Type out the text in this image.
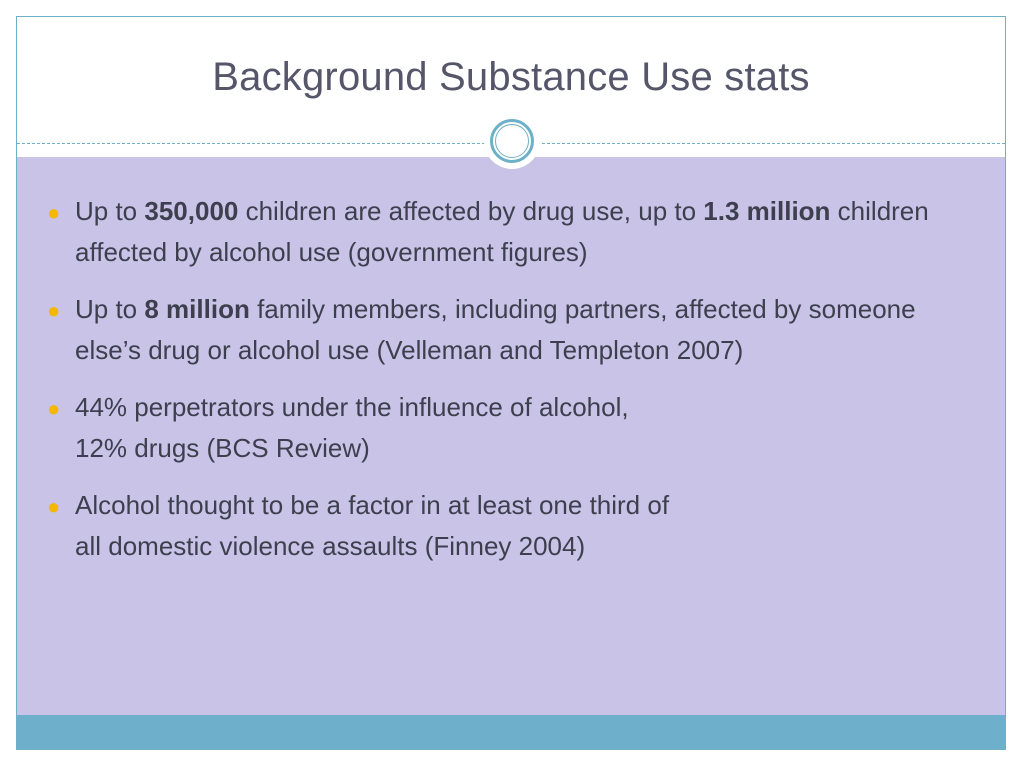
Background Substance Use stats
● Up to 350,000 children are affected by drug use, up to 1.3 million children affected by alcohol use (government figures)
● Up to 8 million family members, including partners, affected by someone else’s drug or alcohol use (Velleman and Templeton 2007)
● 44% perpetrators under the influence of alcohol,
12% drugs (BCS Review)
● Alcohol thought to be a factor in at least one third of
all domestic violence assaults (Finney 2004)
